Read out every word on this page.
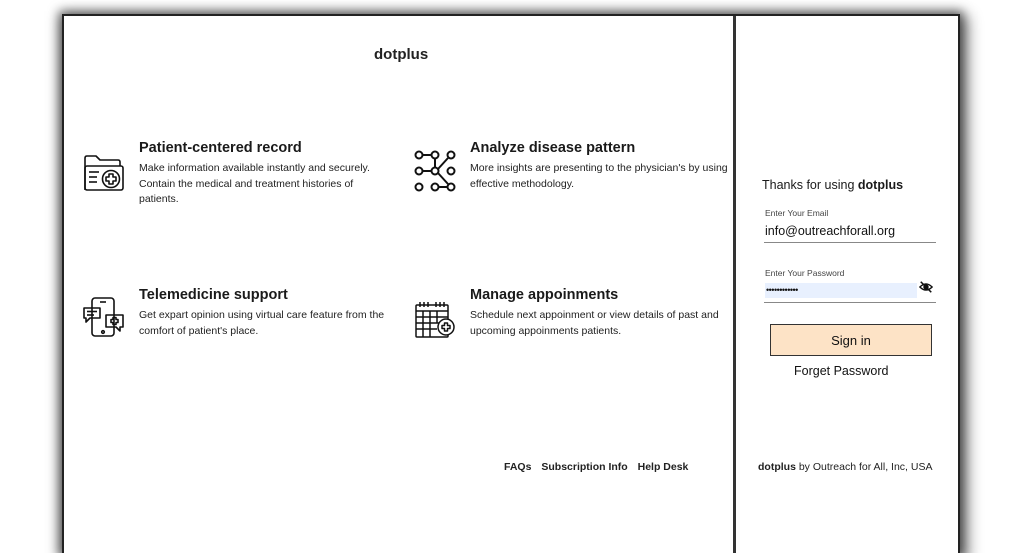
dotplus
Patient-centered record
Make information available instantly and securely. Contain the medical and treatment histories of patients.
Analyze disease pattern
More insights are presenting to the physician's by using effective methodology.
Telemedicine support
Get expart opinion using virtual care feature from the comfort of patient's place.
Manage appoinments
Schedule next appoinment or view details of past and upcoming appoinments patients.
FAQs Subscription Info Help Desk
Thanks for using dotplus
Enter Your Email
info@outreachforall.org
Enter Your Password
••••••••••••
Sign in
Forget Password
dotplus by Outreach for All, Inc, USA
